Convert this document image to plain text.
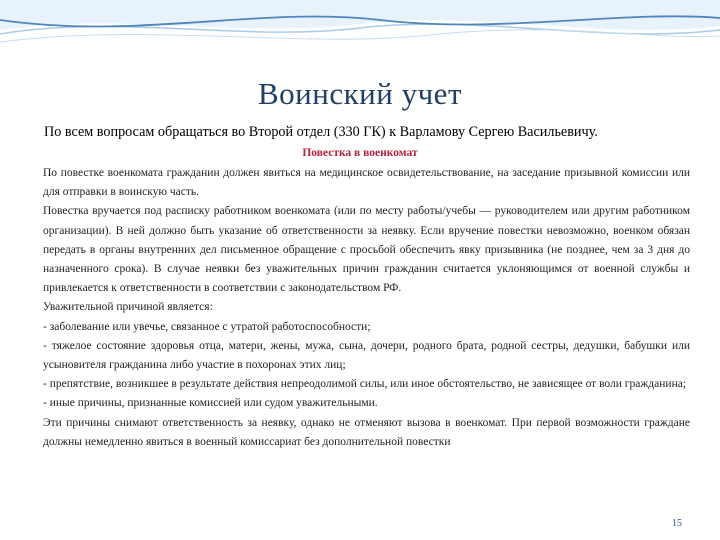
Воинский учет
По всем вопросам обращаться во Второй отдел (330 ГК) к Варламову Сергею Васильевичу.
Повестка в военкомат

По повестке военкомата гражданин должен явиться на медицинское освидетельствование, на заседание призывной комиссии или для отправки в воинскую часть.

Повестка вручается под расписку работником военкомата (или по месту работы/учебы — руководителем или другим работником организации). В ней должно быть указание об ответственности за неявку. Если вручение повестки невозможно, военком обязан передать в органы внутренних дел письменное обращение с просьбой обеспечить явку призывника (не позднее, чем за 3 дня до назначенного срока). В случае неявки без уважительных причин гражданин считается уклоняющимся от военной службы и привлекается к ответственности в соответствии с законодательством РФ.

Уважительной причиной является:

- заболевание или увечье, связанное с утратой работоспособности;

- тяжелое состояние здоровья отца, матери, жены, мужа, сына, дочери, родного брата, родной сестры, дедушки, бабушки или усыновителя гражданина либо участие в похоронах этих лиц;

- препятствие, возникшее в результате действия непреодолимой силы, или иное обстоятельство, не зависящее от воли гражданина;

- иные причины, признанные комиссией или судом уважительными.

Эти причины снимают ответственность за неявку, однако не отменяют вызова в военкомат. При первой возможности граждане должны немедленно явиться в военный комиссариат без дополнительной повестки

15
